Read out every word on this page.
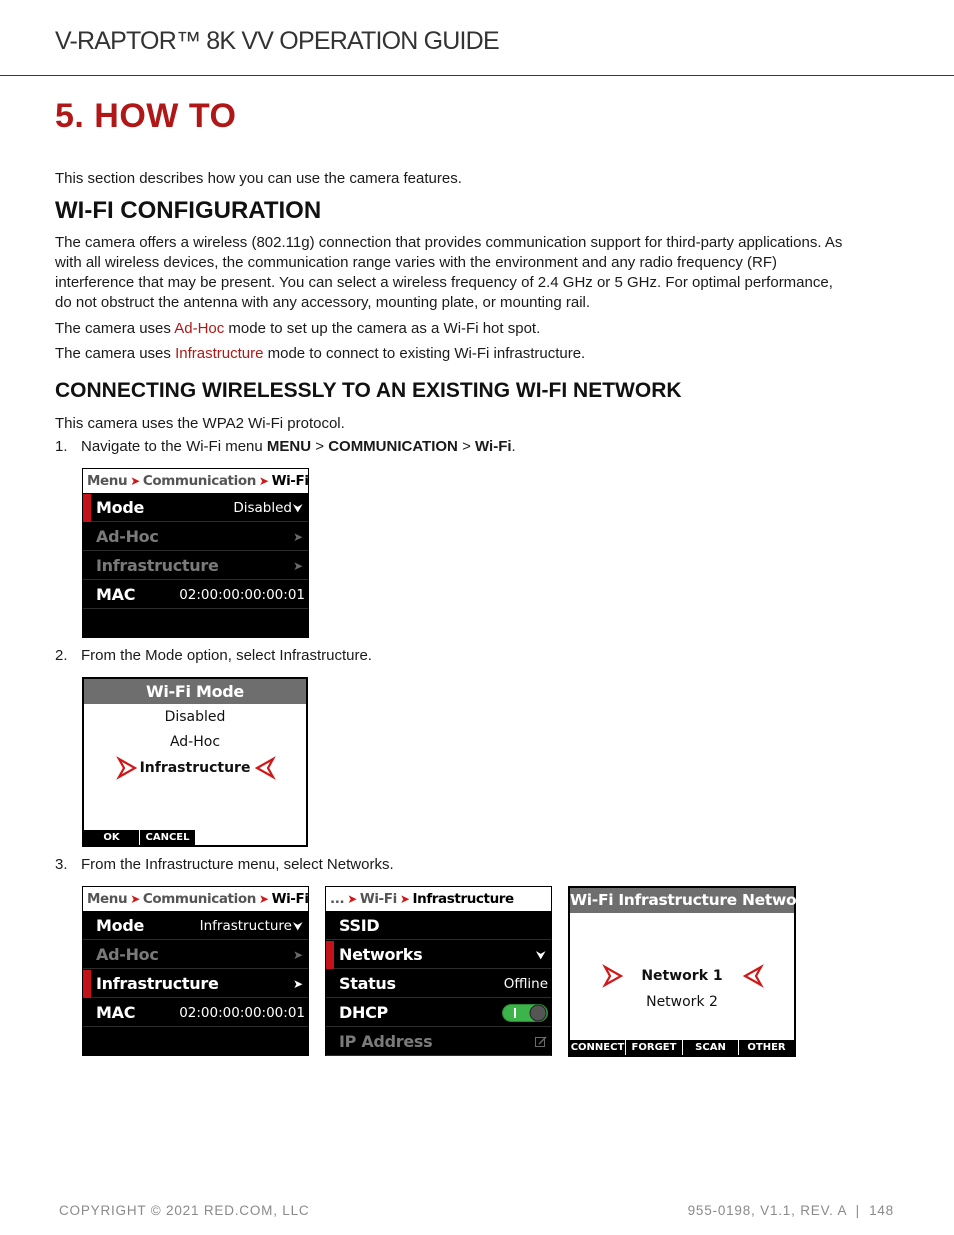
V-RAPTOR™ 8K VV OPERATION GUIDE
5. HOW TO
This section describes how you can use the camera features.
WI-FI CONFIGURATION
The camera offers a wireless (802.11g) connection that provides communication support for third-party applications. As
with all wireless devices, the communication range varies with the environment and any radio frequency (RF)
interference that may be present. You can select a wireless frequency of 2.4 GHz or 5 GHz. For optimal performance,
do not obstruct the antenna with any accessory, mounting plate, or mounting rail.
The camera uses Ad-Hoc mode to set up the camera as a Wi-Fi hot spot.
The camera uses Infrastructure mode to connect to existing Wi-Fi infrastructure.
CONNECTING WIRELESSLY TO AN EXISTING WI-FI NETWORK
This camera uses the WPA2 Wi-Fi protocol.
1. Navigate to the Wi-Fi menu MENU > COMMUNICATION > Wi-Fi.
Menu ➤ Communication ➤ Wi-Fi
Mode	Disabled ⮟
Ad-Hoc	➤
Infrastructure	➤
MAC	02:00:00:00:00:01
2. From the Mode option, select Infrastructure.
Wi-Fi Mode
Disabled
Ad-Hoc
Infrastructure
OK	CANCEL
3. From the Infrastructure menu, select Networks.
Menu ➤ Communication ➤ Wi-Fi
Mode	Infrastructure ⮟
Ad-Hoc	➤
Infrastructure	➤
MAC	02:00:00:00:00:01
... ➤ Wi-Fi ➤ Infrastructure
SSID
Networks	⮟
Status	Offline
DHCP
IP Address
Wi-Fi Infrastructure Networks
Network 1
Network 2
CONNECT FORGET	SCAN	OTHER
COPYRIGHT © 2021 RED.COM, LLC	955-0198, V1.1, REV. A  |  148
